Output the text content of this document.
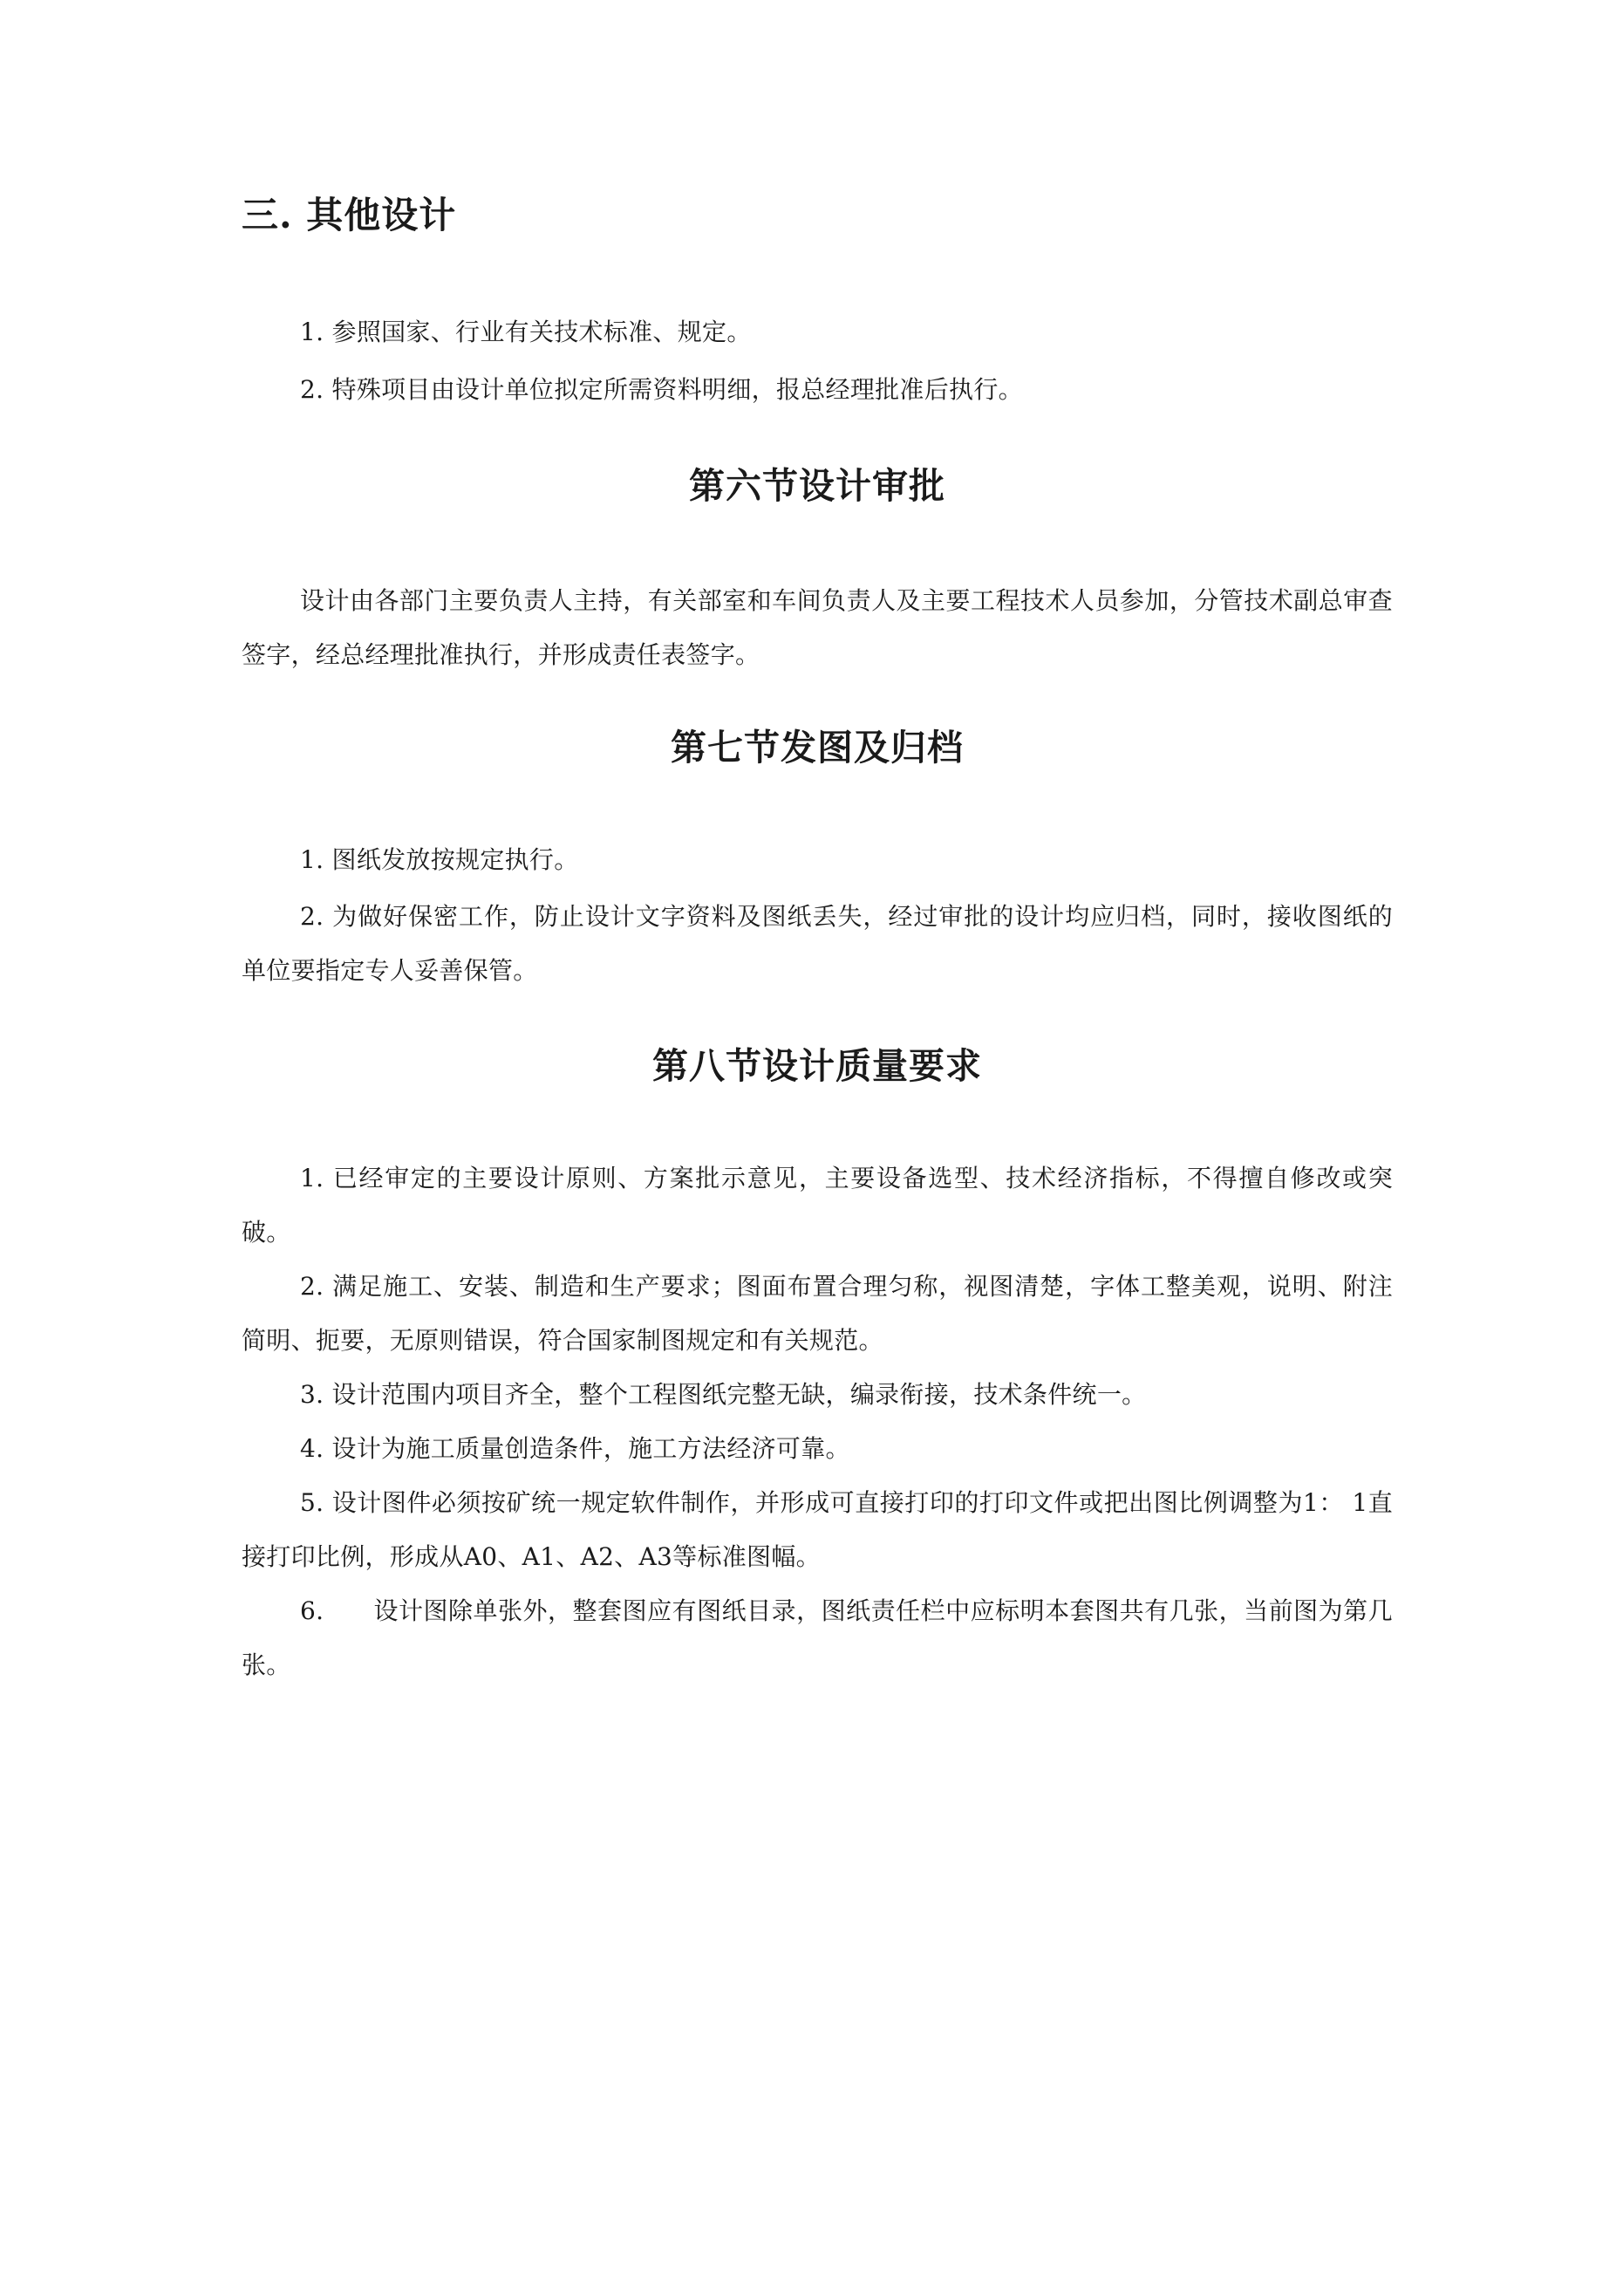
三. 其他设计

1. 参照国家、行业有关技术标准、规定。

2. 特殊项目由设计单位拟定所需资料明细，报总经理批准后执行。

第六节设计审批

设计由各部门主要负责人主持，有关部室和车间负责人及主要工程技术人员参加，分管技术副总审查签字，经总经理批准执行，并形成责任表签字。

第七节发图及归档

1. 图纸发放按规定执行。

2. 为做好保密工作，防止设计文字资料及图纸丢失，经过审批的设计均应归档，同时，接收图纸的单位要指定专人妥善保管。

第八节设计质量要求

1. 已经审定的主要设计原则、方案批示意见，主要设备选型、技术经济指标，不得擅自修改或突破。

2. 满足施工、安装、制造和生产要求；图面布置合理匀称，视图清楚，字体工整美观，说明、附注简明、扼要，无原则错误，符合国家制图规定和有关规范。

3. 设计范围内项目齐全，整个工程图纸完整无缺，编录衔接，技术条件统一。

4. 设计为施工质量创造条件，施工方法经济可靠。

5. 设计图件必须按矿统一规定软件制作，并形成可直接打印的打印文件或把出图比例调整为1： 1直接打印比例，形成从A0、A1、A2、A3等标准图幅。

6.　　设计图除单张外，整套图应有图纸目录，图纸责任栏中应标明本套图共有几张，当前图为第几张。
